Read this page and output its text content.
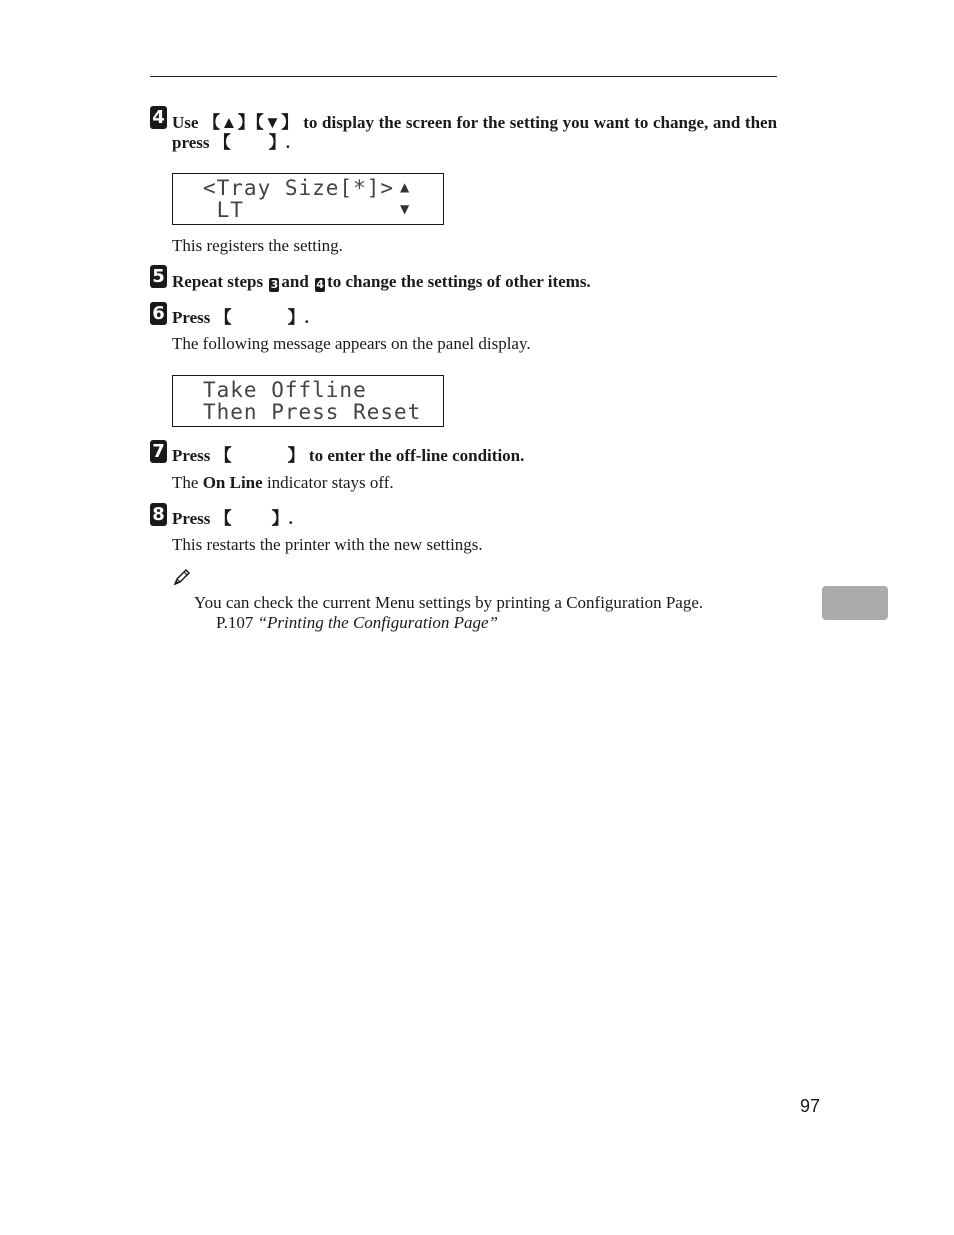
4 Use 【▲】【▼】 to display the screen for the setting you want to change, and then press 【 】.
<Tray Size[*]>
LT
▲
▼
This registers the setting.
5 Repeat steps 3 and 4 to change the settings of other items.
6 Press 【	】.
The following message appears on the panel display.
Take Offline
Then Press Reset
7 Press 【	】 to enter the off-line condition.
The On Line indicator stays off.
8 Press 【 】.
This restarts the printer with the new settings.
You can check the current Menu settings by printing a Configuration Page.
P.107 “Printing the Configuration Page”
97
